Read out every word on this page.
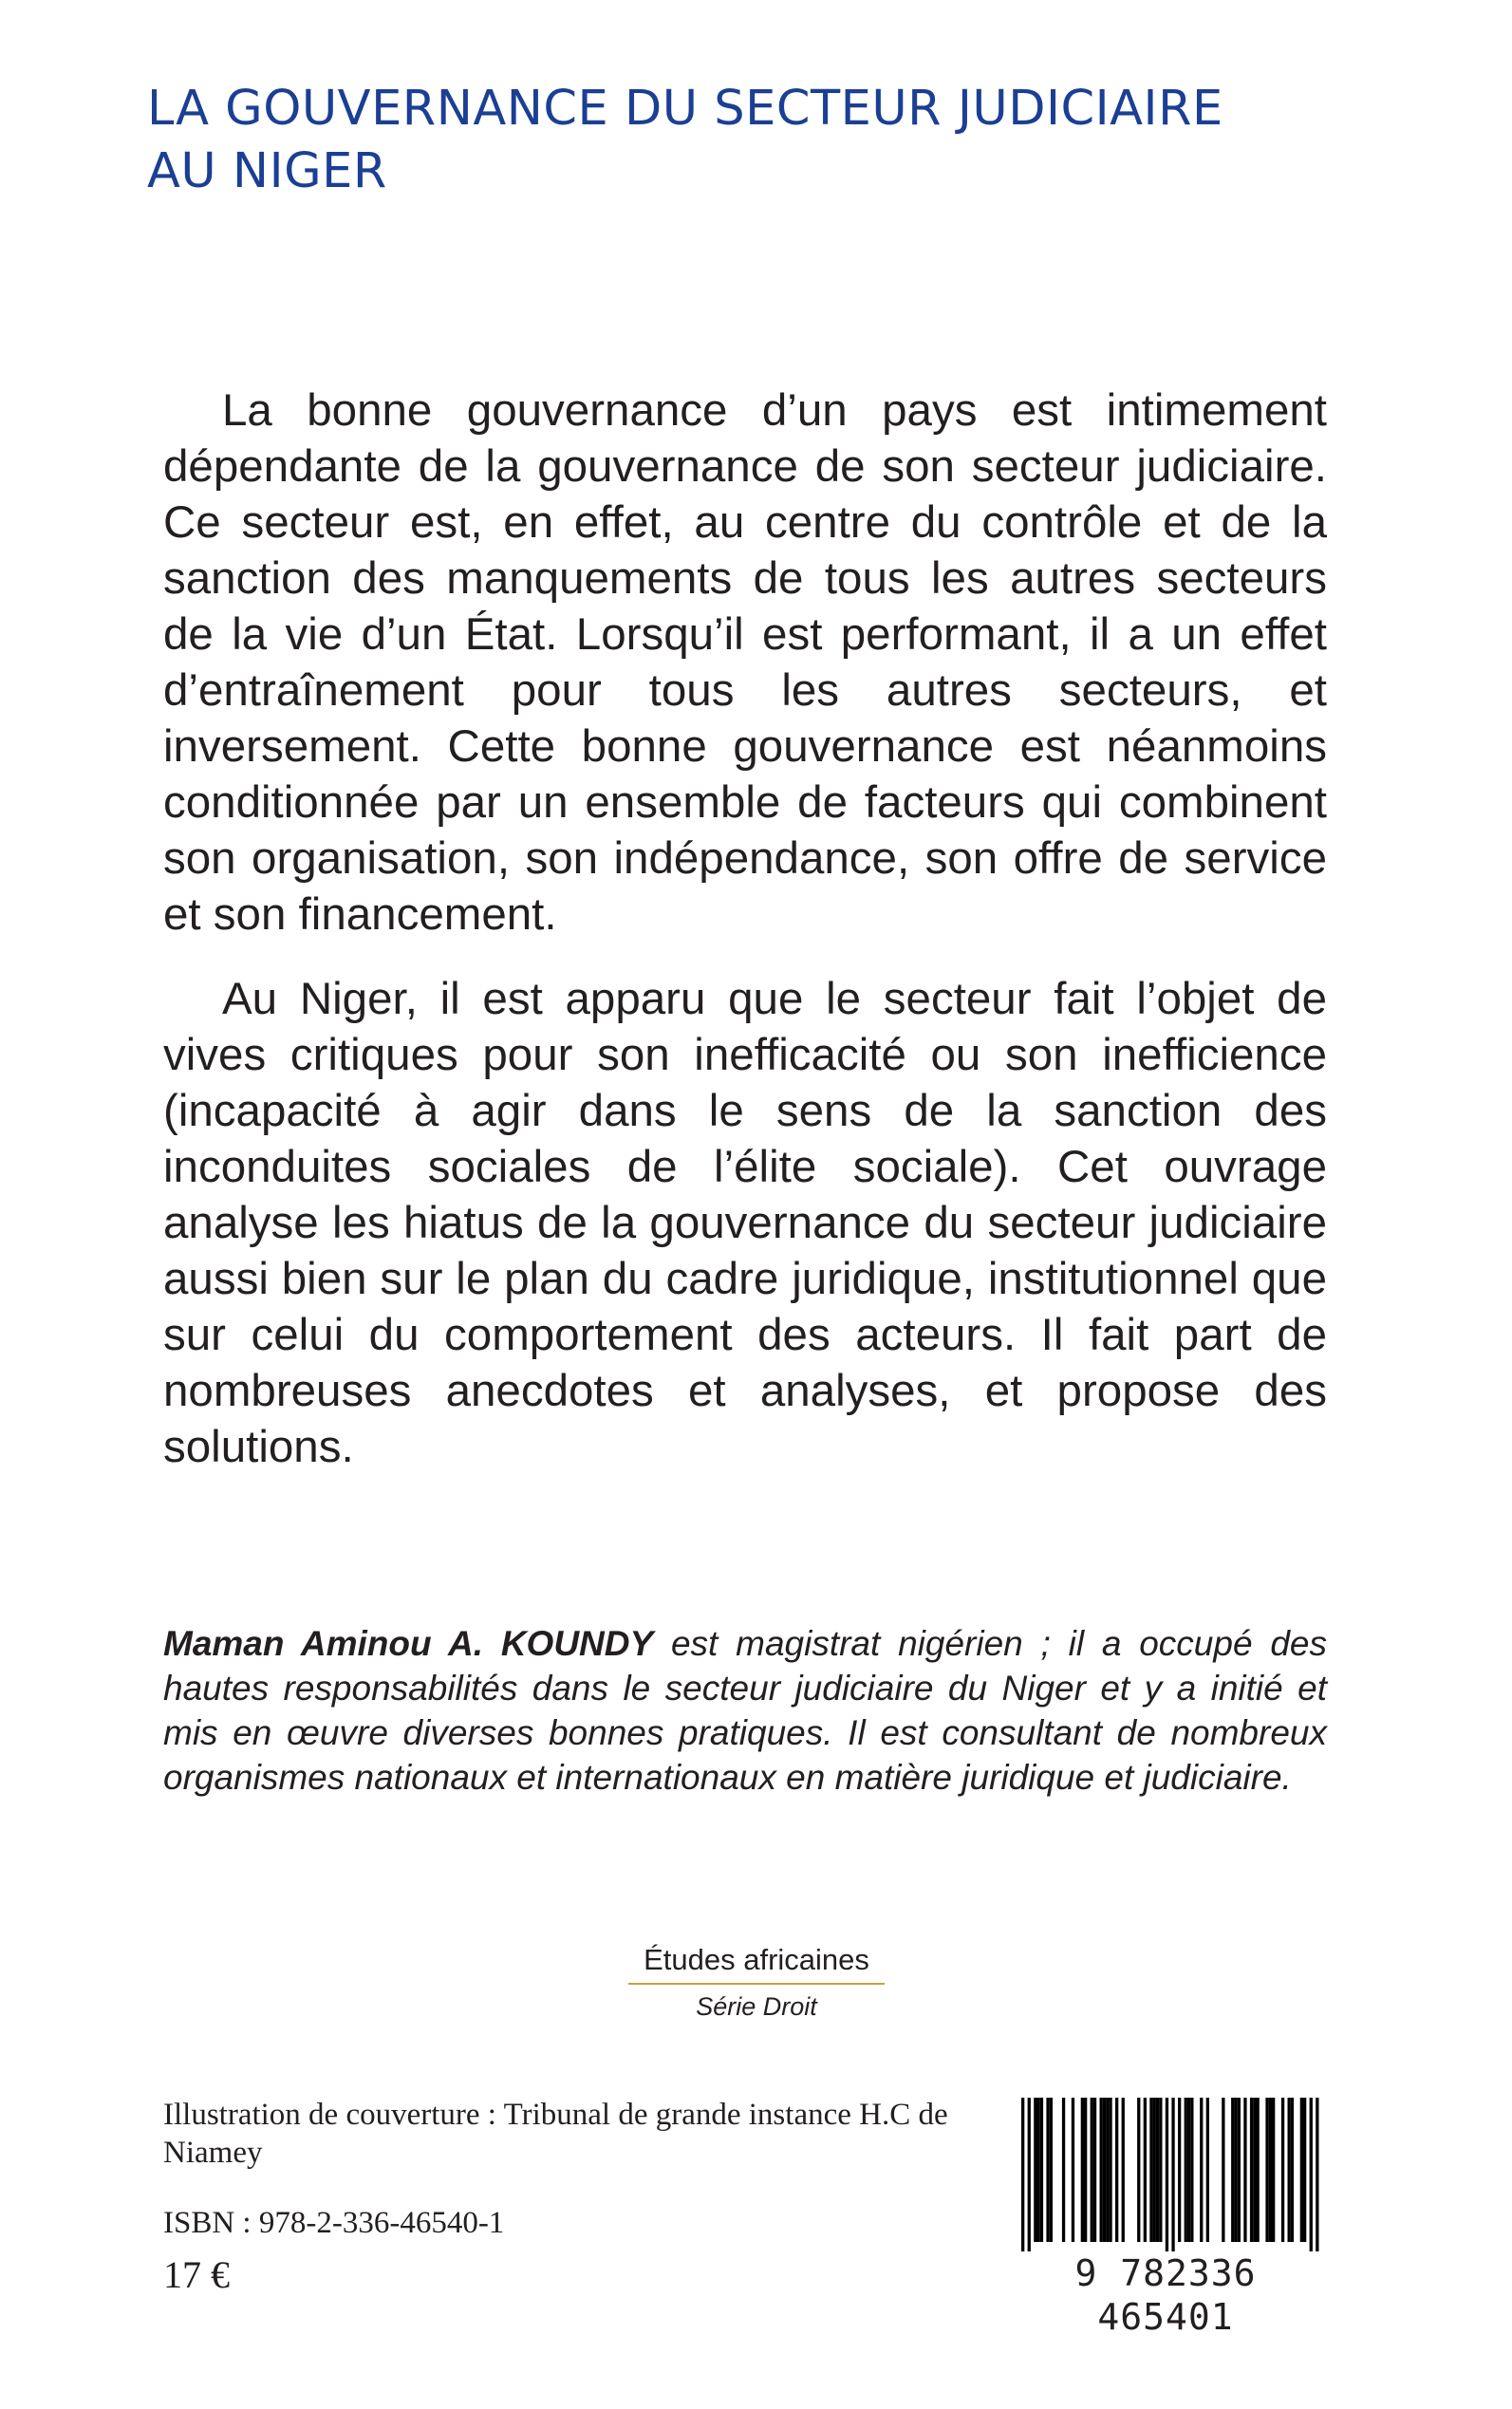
LA GOUVERNANCE DU SECTEUR JUDICIAIRE
AU NIGER

La bonne gouvernance d’un pays est intimement dépendante de la gouvernance de son secteur judiciaire. Ce secteur est, en effet, au centre du contrôle et de la sanction des manquements de tous les autres secteurs de la vie d’un État. Lorsqu’il est performant, il a un effet d’entraînement pour tous les autres secteurs, et inversement. Cette bonne gouvernance est néanmoins conditionnée par un ensemble de facteurs qui combinent son organisation, son indépendance, son offre de service et son financement.

Au Niger, il est apparu que le secteur fait l’objet de vives critiques pour son inefficacité ou son inefficience (incapacité à agir dans le sens de la sanction des inconduites sociales de l’élite sociale). Cet ouvrage analyse les hiatus de la gouvernance du secteur judiciaire aussi bien sur le plan du cadre juridique, institutionnel que sur celui du comportement des acteurs. Il fait part de nombreuses anecdotes et analyses, et propose des solutions.

Maman Aminou A. KOUNDY est magistrat nigérien ; il a occupé des hautes responsabilités dans le secteur judiciaire du Niger et y a initié et mis en œuvre diverses bonnes pratiques. Il est consultant de nombreux organismes nationaux et internationaux en matière juridique et judiciaire.

Études africaines
Série Droit

Illustration de couverture : Tribunal de grande instance H.C de Niamey

ISBN : 978-2-336-46540-1

17 €	9 782336 465401
